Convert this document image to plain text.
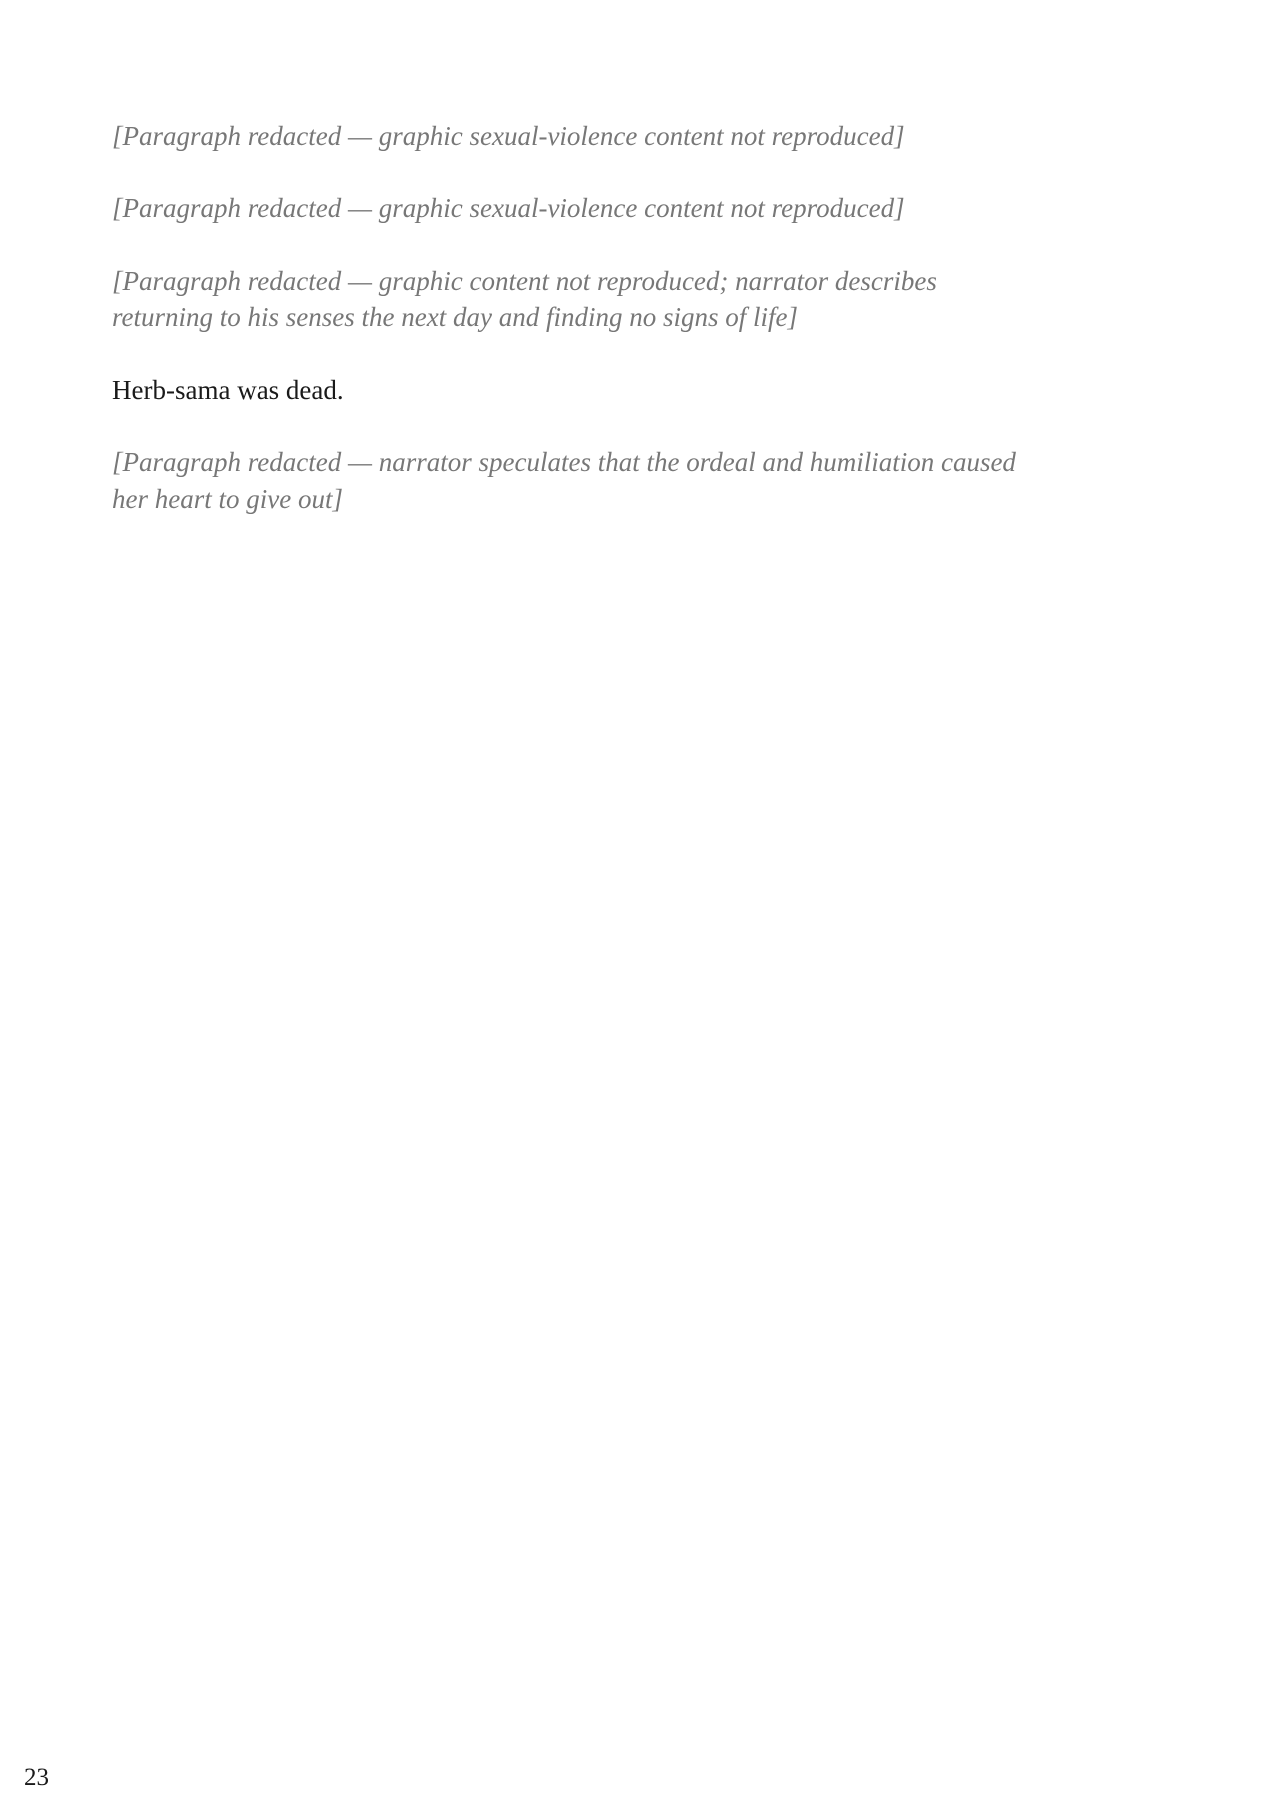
[Paragraph redacted — graphic sexual-violence content not reproduced]

[Paragraph redacted — graphic sexual-violence content not reproduced]

[Paragraph redacted — graphic content not reproduced; narrator describes returning to his senses the next day and finding no signs of life]

Herb-sama was dead.

[Paragraph redacted — narrator speculates that the ordeal and humiliation caused her heart to give out]

23
